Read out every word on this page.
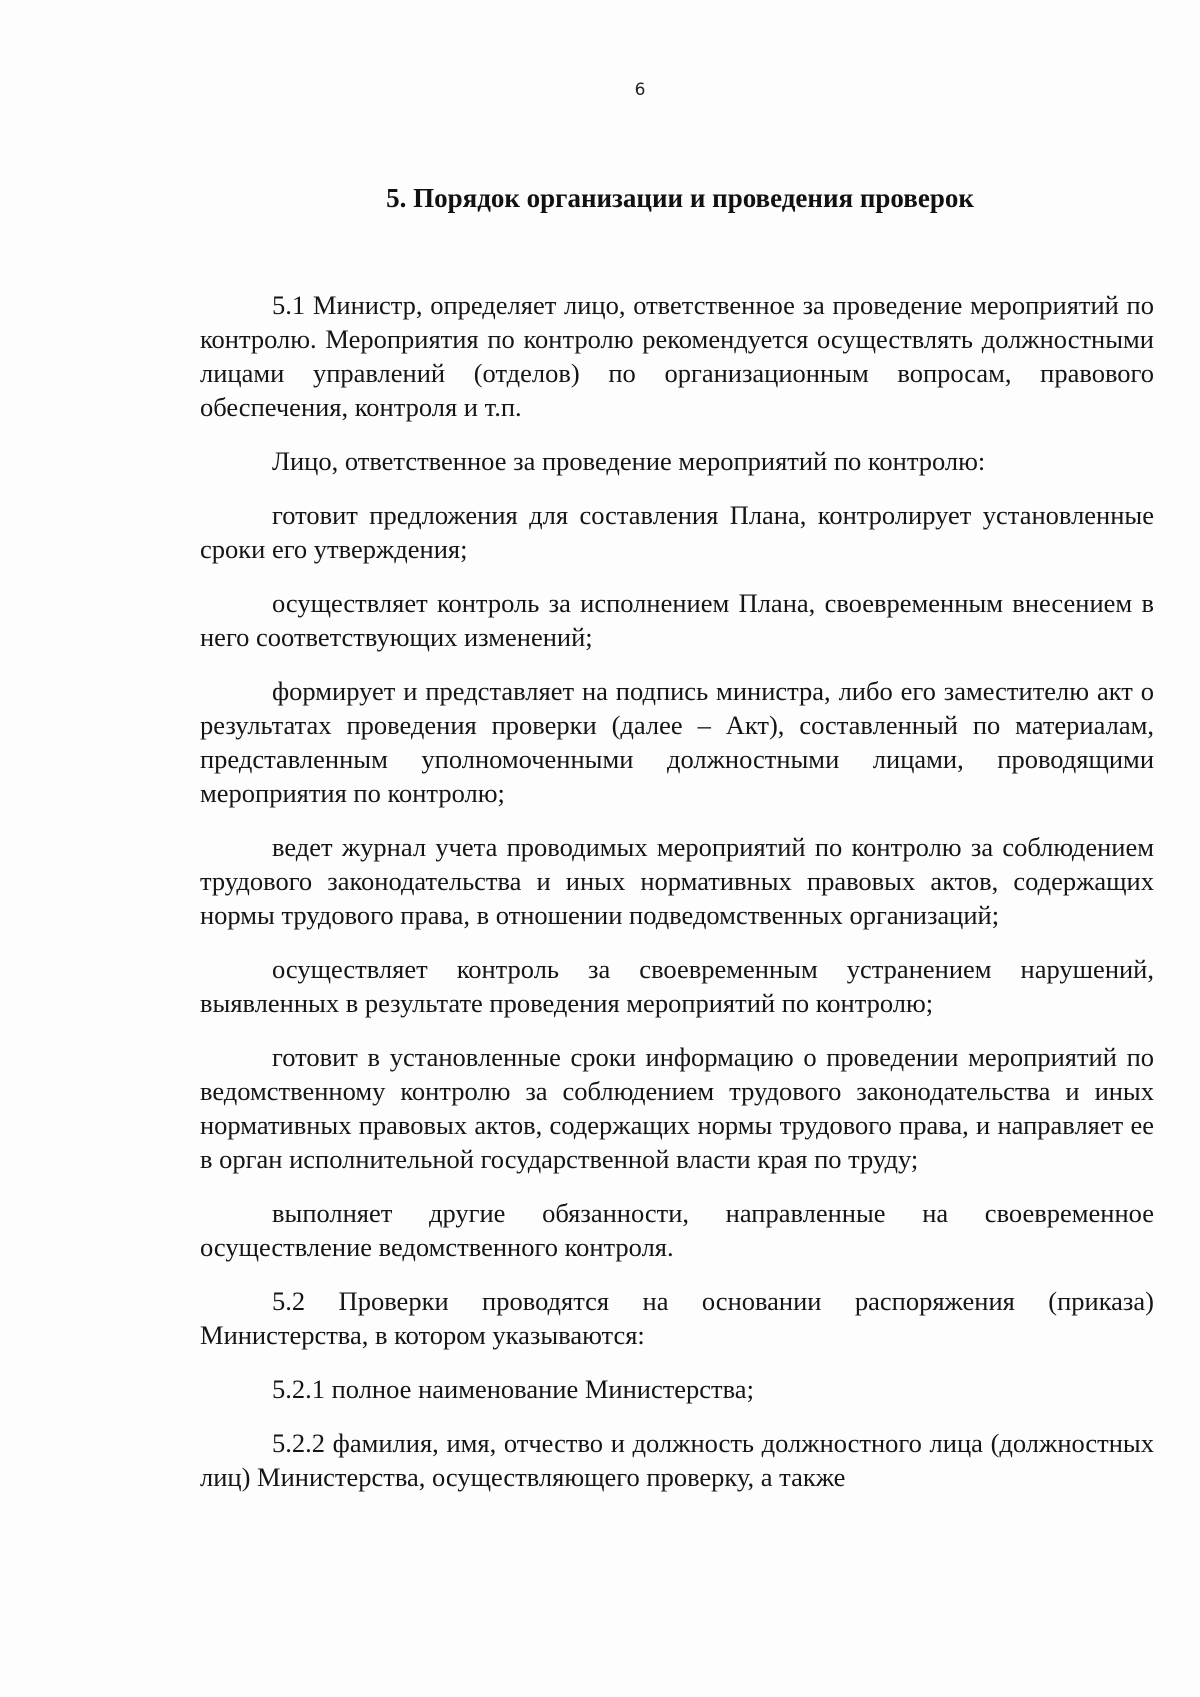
6
5. Порядок организации и проведения проверок

5.1 Министр, определяет лицо, ответственное за проведение мероприятий по контролю. Мероприятия по контролю рекомендуется осуществлять должностными лицами управлений (отделов) по организационным вопросам, правового обеспечения, контроля и т.п.

Лицо, ответственное за проведение мероприятий по контролю:

готовит предложения для составления Плана, контролирует установленные сроки его утверждения;

осуществляет контроль за исполнением Плана, своевременным внесением в него соответствующих изменений;

формирует и представляет на подпись министра, либо его заместителю акт о результатах проведения проверки (далее – Акт), составленный по материалам, представленным уполномоченными должностными лицами, проводящими мероприятия по контролю;

ведет журнал учета проводимых мероприятий по контролю за соблюдением трудового законодательства и иных нормативных правовых актов, содержащих нормы трудового права, в отношении подведомственных организаций;

осуществляет контроль за своевременным устранением нарушений, выявленных в результате проведения мероприятий по контролю;

готовит в установленные сроки информацию о проведении мероприятий по ведомственному контролю за соблюдением трудового законодательства и иных нормативных правовых актов, содержащих нормы трудового права, и направляет ее в орган исполнительной государственной власти края по труду;

выполняет другие обязанности, направленные на своевременное осуществление ведомственного контроля.

5.2 Проверки проводятся на основании распоряжения (приказа) Министерства, в котором указываются:

5.2.1 полное наименование Министерства;

5.2.2 фамилия, имя, отчество и должность должностного лица (должностных лиц) Министерства, осуществляющего проверку, а также
